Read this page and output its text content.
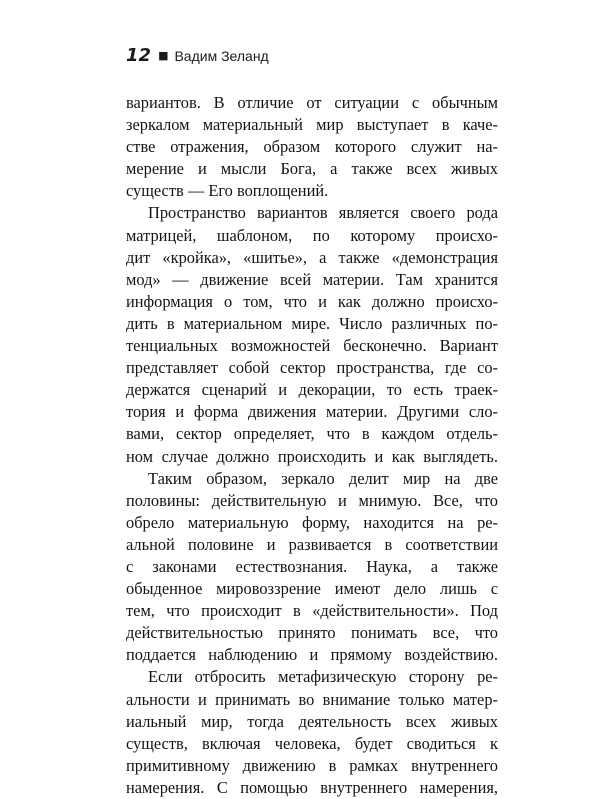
12 ■ Вадим Зеланд

вариантов. В отличие от ситуации с обычным
зеркалом материальный мир выступает в каче-
стве отражения, образом которого служит на-
мерение и мысли Бога, а также всех живых
существ — Его воплощений.

Пространство вариантов является своего рода
матрицей, шаблоном, по которому происхо-
дит «кройка», «шитье», а также «демонстрация
мод» — движение всей материи. Там хранится
информация о том, что и как должно происхо-
дить в материальном мире. Число различных по-
тенциальных возможностей бесконечно. Вариант
представляет собой сектор пространства, где со-
держатся сценарий и декорации, то есть траек-
тория и форма движения материи. Другими сло-
вами, сектор определяет, что в каждом отдель-
ном случае должно происходить и как выглядеть.

Таким образом, зеркало делит мир на две
половины: действительную и мнимую. Все, что
обрело материальную форму, находится на ре-
альной половине и развивается в соответствии
с законами естествознания. Наука, а также
обыденное мировоззрение имеют дело лишь с
тем, что происходит в «действительности». Под
действительностью принято понимать все, что
поддается наблюдению и прямому воздействию.

Если отбросить метафизическую сторону ре-
альности и принимать во внимание только матер-
иальный мир, тогда деятельность всех живых
существ, включая человека, будет сводиться к
примитивному движению в рамках внутреннего
намерения. С помощью внутреннего намерения,
